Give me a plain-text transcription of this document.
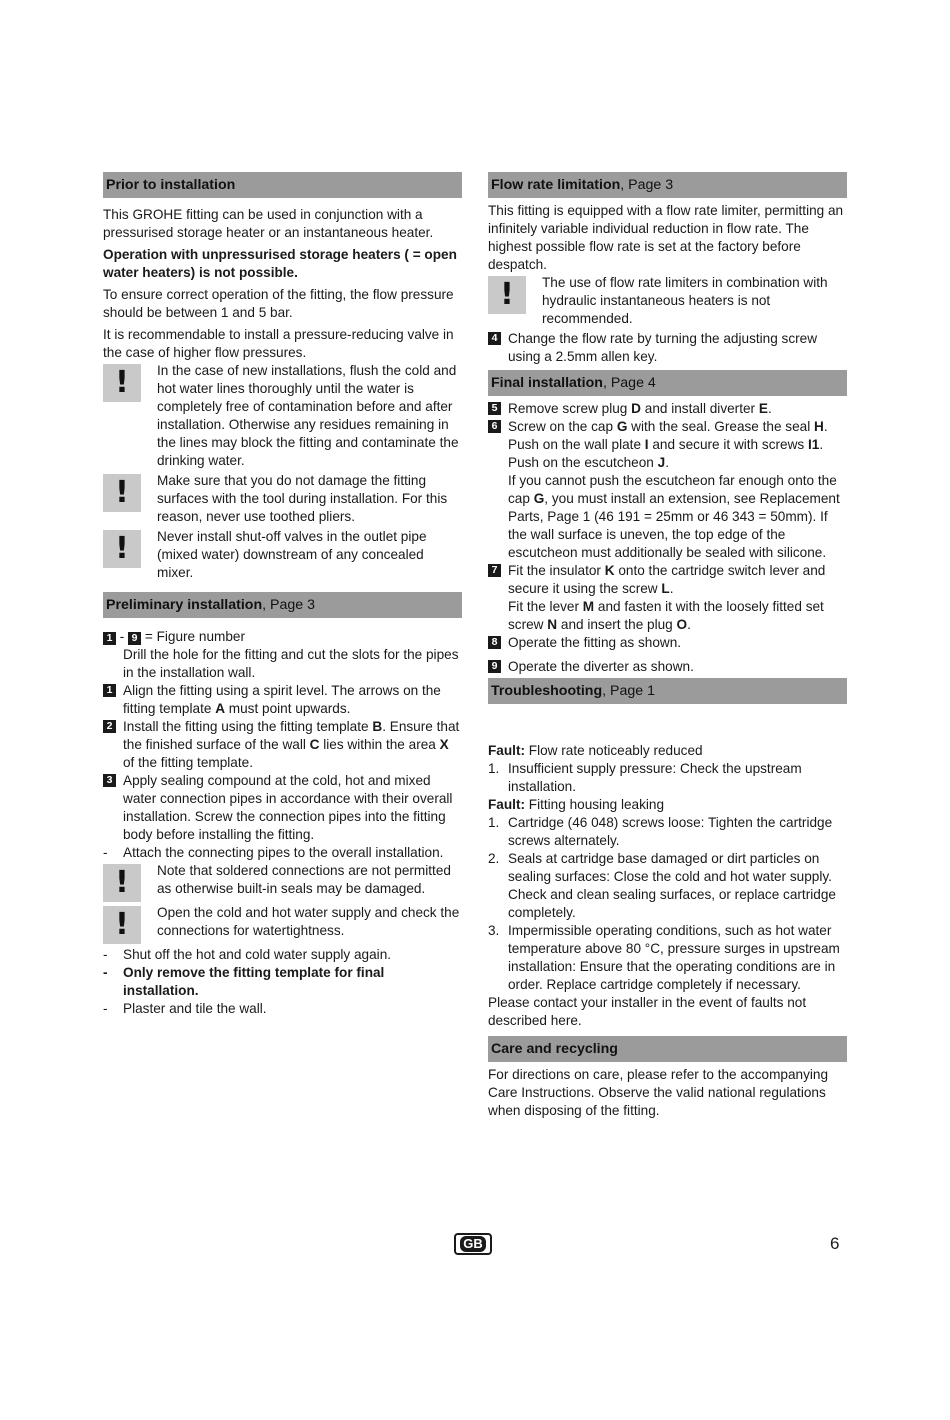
Prior to installation

This GROHE fitting can be used in conjunction with a pressurised storage heater or an instantaneous heater.

Operation with unpressurised storage heaters ( = open water heaters) is not possible.

To ensure correct operation of the fitting, the flow pressure should be between 1 and 5 bar.

It is recommendable to install a pressure-reducing valve in the case of higher flow pressures.

!	In the case of new installations, flush the cold and hot water lines thoroughly until the water is completely free of contamination before and after installation. Otherwise any residues remaining in the lines may block the fitting and contaminate the drinking water.
!	Make sure that you do not damage the fitting surfaces with the tool during installation. For this reason, never use toothed pliers.
!	Never install shut-off valves in the outlet pipe (mixed water) downstream of any concealed mixer.
Preliminary installation, Page 3
1 - 9 = Figure number
Drill the hole for the fitting and cut the slots for the pipes in the installation wall.
1 Align the fitting using a spirit level. The arrows on the fitting template A must point upwards.
2 Install the fitting using the fitting template B. Ensure that the finished surface of the wall C lies within the area X of the fitting template.
3 Apply sealing compound at the cold, hot and mixed water connection pipes in accordance with their overall installation. Screw the connection pipes into the fitting body before installing the fitting.
-	Attach the connecting pipes to the overall installation.
!	Note that soldered connections are not permitted as otherwise built-in seals may be damaged.
!	Open the cold and hot water supply and check the connections for watertightness.
-	Shut off the hot and cold water supply again.
-	Only remove the fitting template for final installation.
-	Plaster and tile the wall.
Flow rate limitation, Page 3

This fitting is equipped with a flow rate limiter, permitting an infinitely variable individual reduction in flow rate. The highest possible flow rate is set at the factory before despatch.

!	The use of flow rate limiters in combination with hydraulic instantaneous heaters is not recommended.
4 Change the flow rate by turning the adjusting screw using a 2.5mm allen key.
Final installation, Page 4
5 Remove screw plug D and install diverter E.
6 Screw on the cap G with the seal. Grease the seal H. Push on the wall plate I and secure it with screws I1. Push on the escutcheon J.
If you cannot push the escutcheon far enough onto the cap G, you must install an extension, see Replacement Parts, Page 1 (46 191 = 25mm or 46 343 = 50mm). If the wall surface is uneven, the top edge of the escutcheon must additionally be sealed with silicone.
7 Fit the insulator K onto the cartridge switch lever and secure it using the screw L.
Fit the lever M and fasten it with the loosely fitted set screw N and insert the plug O.
8 Operate the fitting as shown.
9 Operate the diverter as shown.
Troubleshooting, Page 1
Fault: Flow rate noticeably reduced
1. Insufficient supply pressure: Check the upstream installation.
Fault: Fitting housing leaking
1. Cartridge (46 048) screws loose: Tighten the cartridge screws alternately.
2. Seals at cartridge base damaged or dirt particles on sealing surfaces: Close the cold and hot water supply. Check and clean sealing surfaces, or replace cartridge completely.
3. Impermissible operating conditions, such as hot water temperature above 80 °C, pressure surges in upstream installation: Ensure that the operating conditions are in order. Replace cartridge completely if necessary.

Please contact your installer in the event of faults not described here.

Care and recycling

For directions on care, please refer to the accompanying Care Instructions. Observe the valid national regulations when disposing of the fitting.

GB	6
